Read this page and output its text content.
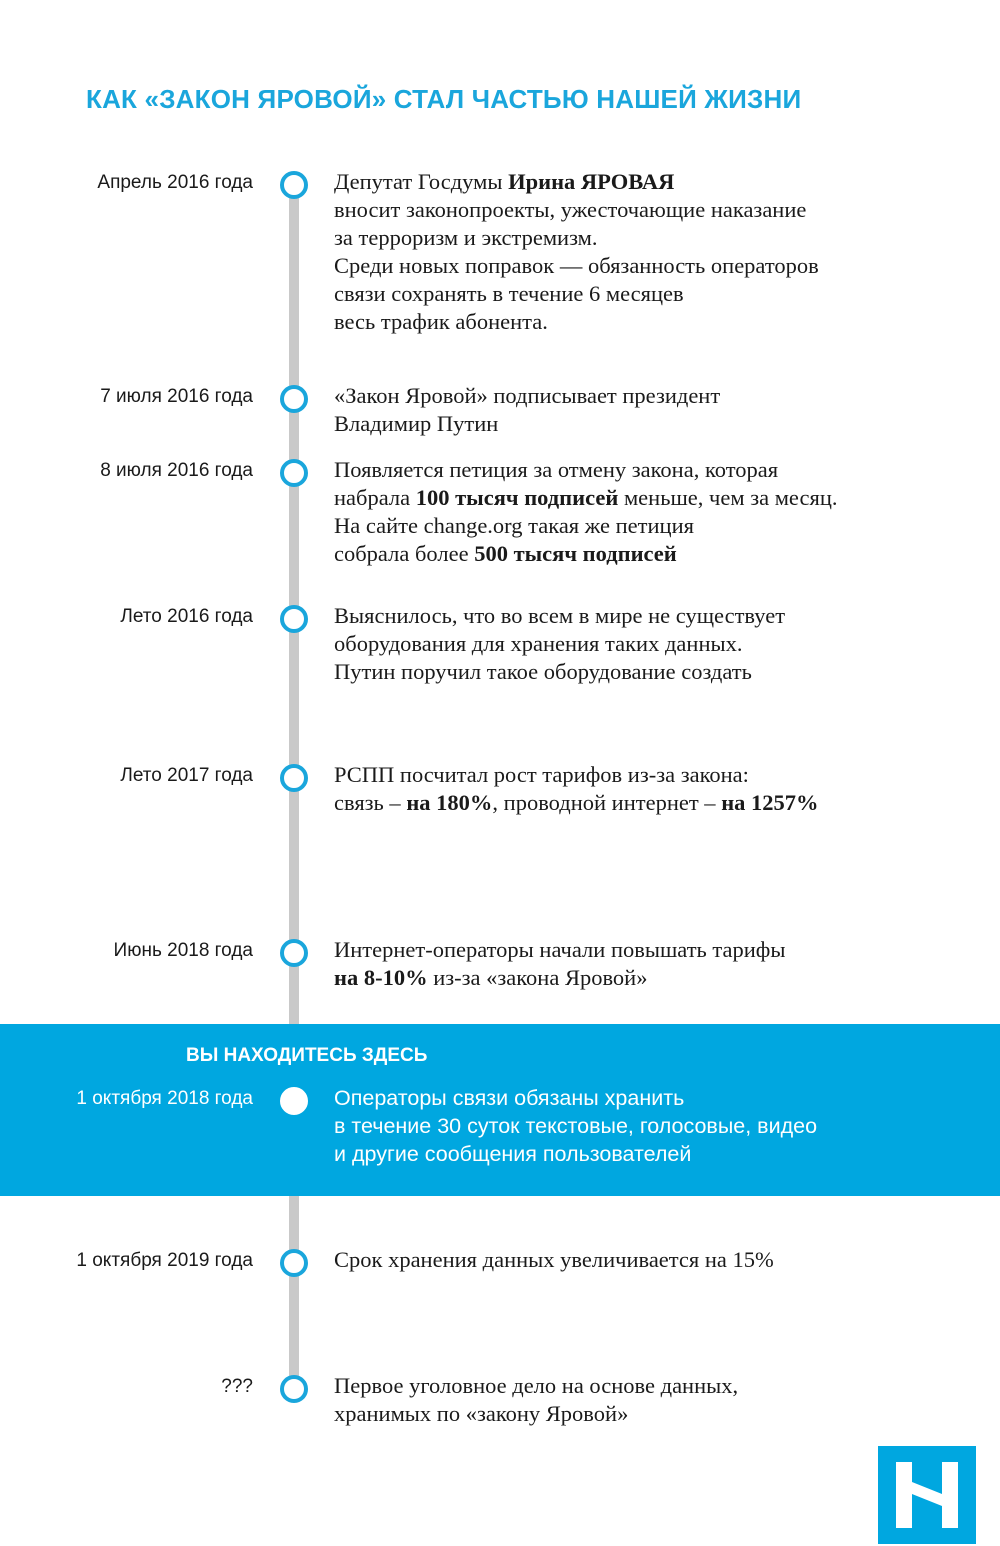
КАК «ЗАКОН ЯРОВОЙ» СТАЛ ЧАСТЬЮ НАШЕЙ ЖИЗНИ
ВЫ НАХОДИТЕСЬ ЗДЕСЬ
Апрель 2016 года	Депутат Госдумы Ирина ЯРОВАЯ
вносит законопроекты, ужесточающие наказание
за терроризм и экстремизм.
Среди новых поправок — обязанность операторов
связи сохранять в течение 6 месяцев
весь трафик абонента.
7 июля 2016 года	«Закон Яровой» подписывает президент
Владимир Путин
8 июля 2016 года	Появляется петиция за отмену закона, которая
набрала 100 тысяч подписей меньше, чем за месяц.
На сайте change.org такая же петиция
собрала более 500 тысяч подписей
Лето 2016 года	Выяснилось, что во всем в мире не существует
оборудования для хранения таких данных.
Путин поручил такое оборудование создать
Лето 2017 года	РСПП посчитал рост тарифов из-за закона:
связь – на 180%, проводной интернет – на 1257%
Июнь 2018 года	Интернет-операторы начали повышать тарифы
на 8-10% из-за «закона Яровой»
1 октября 2018 года	Операторы связи обязаны хранить
в течение 30 суток текстовые, голосовые, видео
и другие сообщения пользователей
1 октября 2019 года	Срок хранения данных увеличивается на 15%
???	Первое уголовное дело на основе данных,
хранимых по «закону Яровой»
